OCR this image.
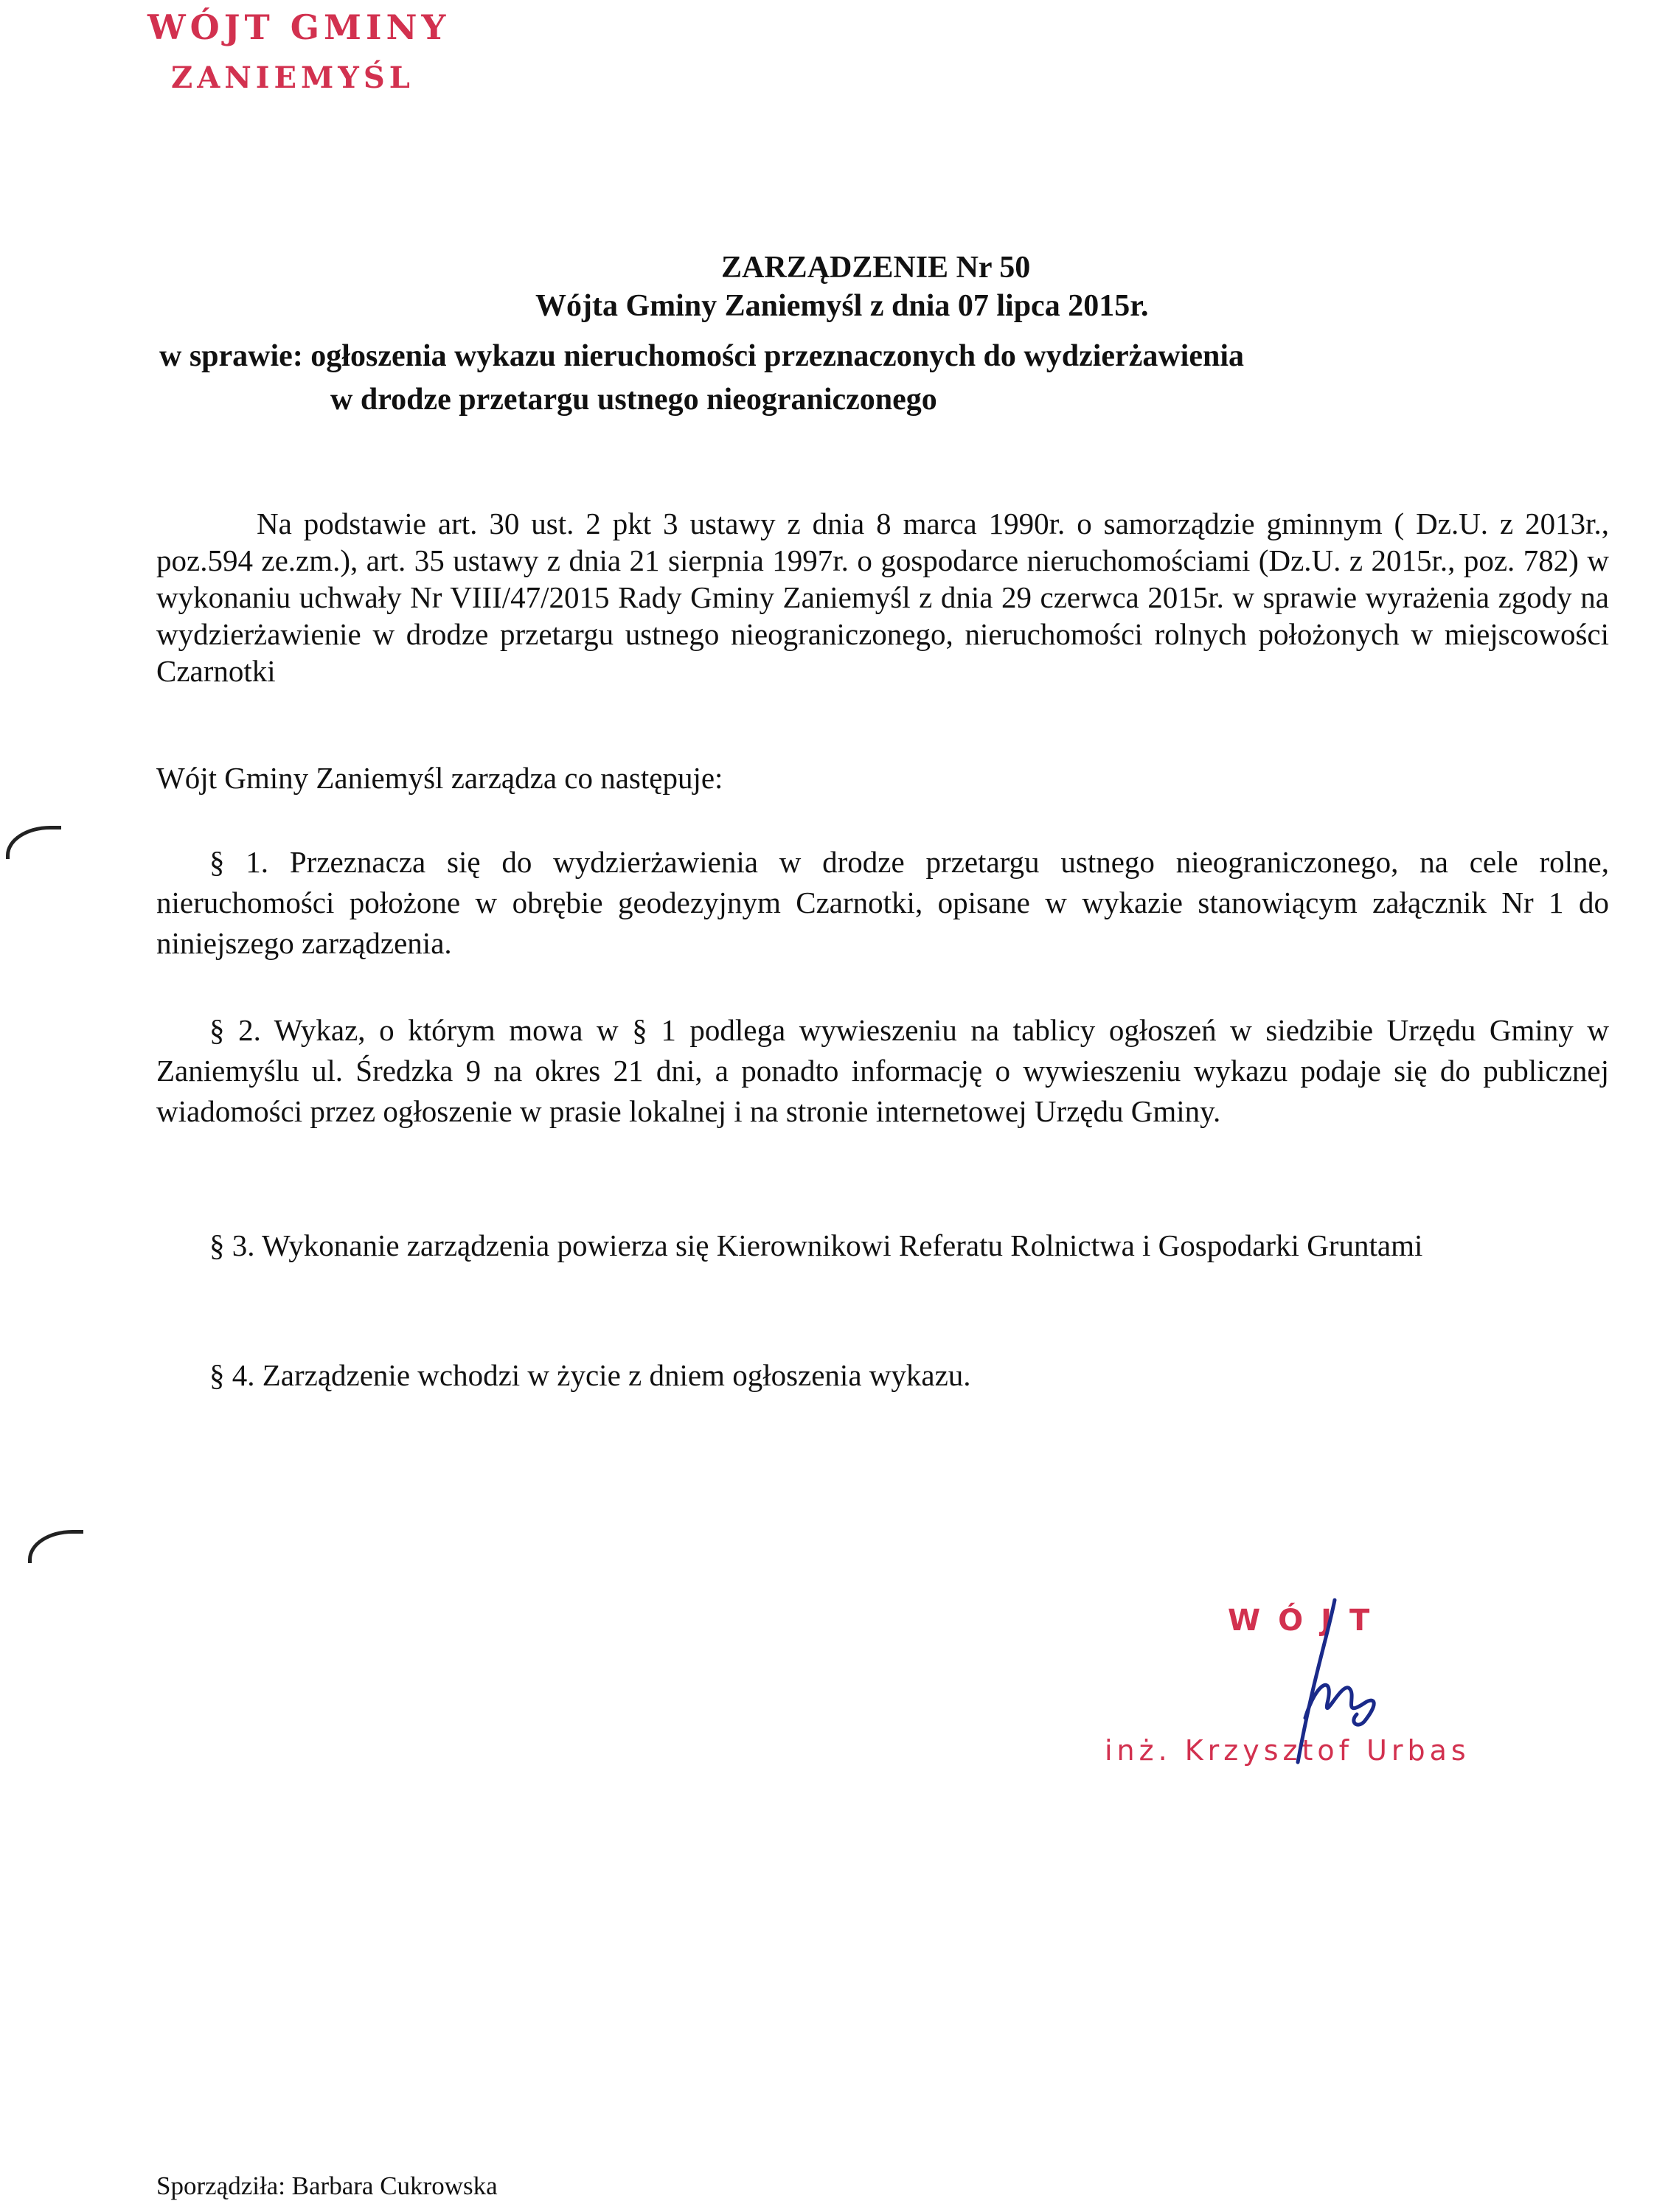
WÓJT GMINY
ZANIEMYŚL
ZARZĄDZENIE Nr 50
Wójta Gminy Zaniemyśl z dnia 07 lipca 2015r.
w sprawie: ogłoszenia wykazu nieruchomości przeznaczonych do wydzierżawienia
w drodze przetargu ustnego nieograniczonego
Na podstawie art. 30 ust. 2 pkt 3 ustawy z dnia 8 marca 1990r. o samorządzie gminnym ( Dz.U. z 2013r., poz.594 ze.zm.), art. 35 ustawy z dnia 21 sierpnia 1997r. o gospodarce nieruchomościami (Dz.U. z 2015r., poz. 782) w wykonaniu uchwały Nr VIII/47/2015 Rady Gminy Zaniemyśl z dnia 29 czerwca 2015r. w sprawie wyrażenia zgody na wydzierżawienie w drodze przetargu ustnego nieograniczonego, nieruchomości rolnych położonych w miejscowości Czarnotki
Wójt Gminy Zaniemyśl zarządza co następuje:
§ 1. Przeznacza się do wydzierżawienia w drodze przetargu ustnego nieograniczonego, na cele rolne, nieruchomości położone w obrębie geodezyjnym Czarnotki, opisane w wykazie stanowiącym załącznik Nr 1 do niniejszego zarządzenia.
§ 2. Wykaz, o którym mowa w § 1 podlega wywieszeniu na tablicy ogłoszeń w siedzibie Urzędu Gminy w Zaniemyślu ul. Średzka 9 na okres 21 dni, a ponadto informację o wywieszeniu wykazu podaje się do publicznej wiadomości przez ogłoszenie w prasie lokalnej i na stronie internetowej Urzędu Gminy.
§ 3. Wykonanie zarządzenia powierza się Kierownikowi Referatu Rolnictwa i Gospodarki Gruntami
§ 4. Zarządzenie wchodzi w życie z dniem ogłoszenia wykazu.
WÓJT
inż. Krzysztof Urbas
Sporządziła: Barbara Cukrowska
